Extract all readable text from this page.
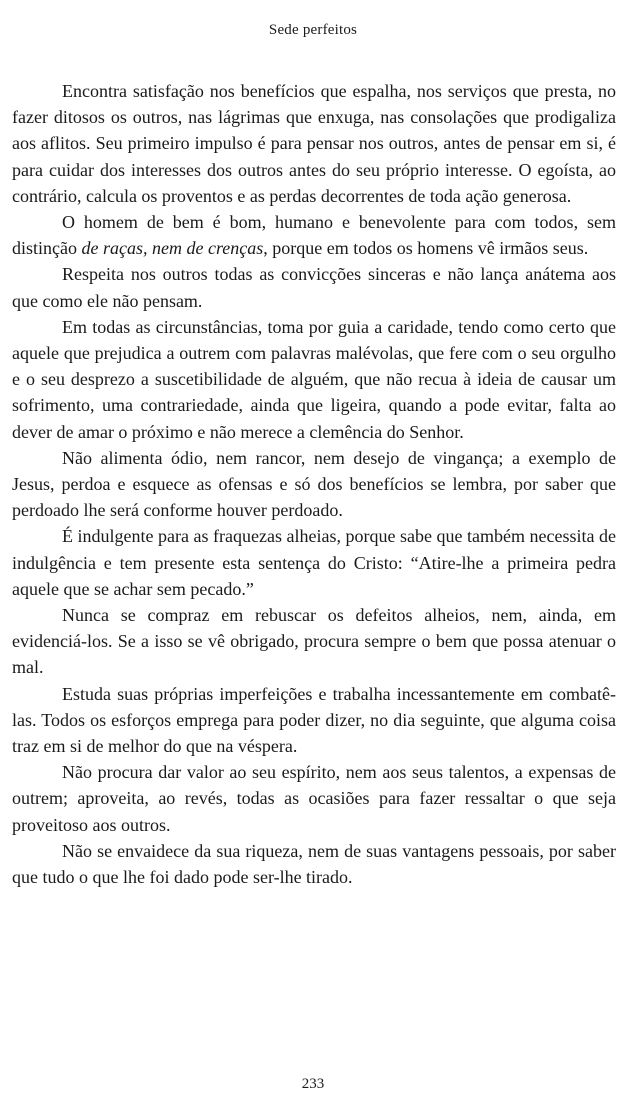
Sede perfeitos

Encontra satisfação nos benefícios que espalha, nos serviços que presta, no fazer ditosos os outros, nas lágrimas que enxuga, nas consolações que prodigaliza aos aflitos. Seu primeiro impulso é para pensar nos outros, antes de pensar em si, é para cuidar dos interesses dos outros antes do seu próprio interesse. O egoísta, ao contrário, calcula os proventos e as perdas decorrentes de toda ação generosa.

O homem de bem é bom, humano e benevolente para com todos, sem distinção de raças, nem de crenças, porque em todos os homens vê irmãos seus.

Respeita nos outros todas as convicções sinceras e não lança anátema aos que como ele não pensam.

Em todas as circunstâncias, toma por guia a caridade, tendo como certo que aquele que prejudica a outrem com palavras malévolas, que fere com o seu orgulho e o seu desprezo a suscetibilidade de alguém, que não recua à ideia de causar um sofrimento, uma contrariedade, ainda que ligeira, quando a pode evitar, falta ao dever de amar o próximo e não merece a clemência do Senhor.

Não alimenta ódio, nem rancor, nem desejo de vingança; a exemplo de Jesus, perdoa e esquece as ofensas e só dos benefícios se lembra, por saber que perdoado lhe será conforme houver perdoado.

É indulgente para as fraquezas alheias, porque sabe que também necessita de indulgência e tem presente esta sentença do Cristo: “Atire-lhe a primeira pedra aquele que se achar sem pecado.”

Nunca se compraz em rebuscar os defeitos alheios, nem, ainda, em evidenciá-los. Se a isso se vê obrigado, procura sempre o bem que possa atenuar o mal.

Estuda suas próprias imperfeições e trabalha incessantemente em combatê-las. Todos os esforços emprega para poder dizer, no dia seguinte, que alguma coisa traz em si de melhor do que na véspera.

Não procura dar valor ao seu espírito, nem aos seus talentos, a expensas de outrem; aproveita, ao revés, todas as ocasiões para fazer ressaltar o que seja proveitoso aos outros.

Não se envaidece da sua riqueza, nem de suas vantagens pessoais, por saber que tudo o que lhe foi dado pode ser-lhe tirado.

233
